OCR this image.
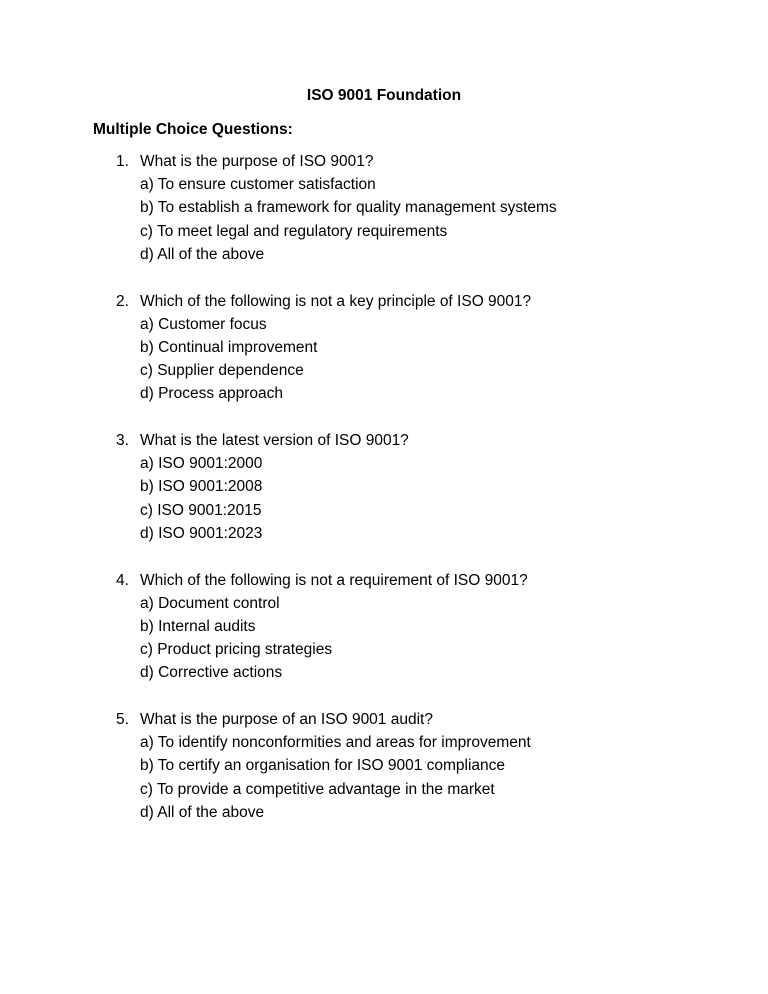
ISO 9001 Foundation
Multiple Choice Questions:
1. What is the purpose of ISO 9001?
a) To ensure customer satisfaction
b) To establish a framework for quality management systems
c) To meet legal and regulatory requirements
d) All of the above
2. Which of the following is not a key principle of ISO 9001?
a) Customer focus
b) Continual improvement
c) Supplier dependence
d) Process approach
3. What is the latest version of ISO 9001?
a) ISO 9001:2000
b) ISO 9001:2008
c) ISO 9001:2015
d) ISO 9001:2023
4. Which of the following is not a requirement of ISO 9001?
a) Document control
b) Internal audits
c) Product pricing strategies
d) Corrective actions
5. What is the purpose of an ISO 9001 audit?
a) To identify nonconformities and areas for improvement
b) To certify an organisation for ISO 9001 compliance
c) To provide a competitive advantage in the market
d) All of the above
